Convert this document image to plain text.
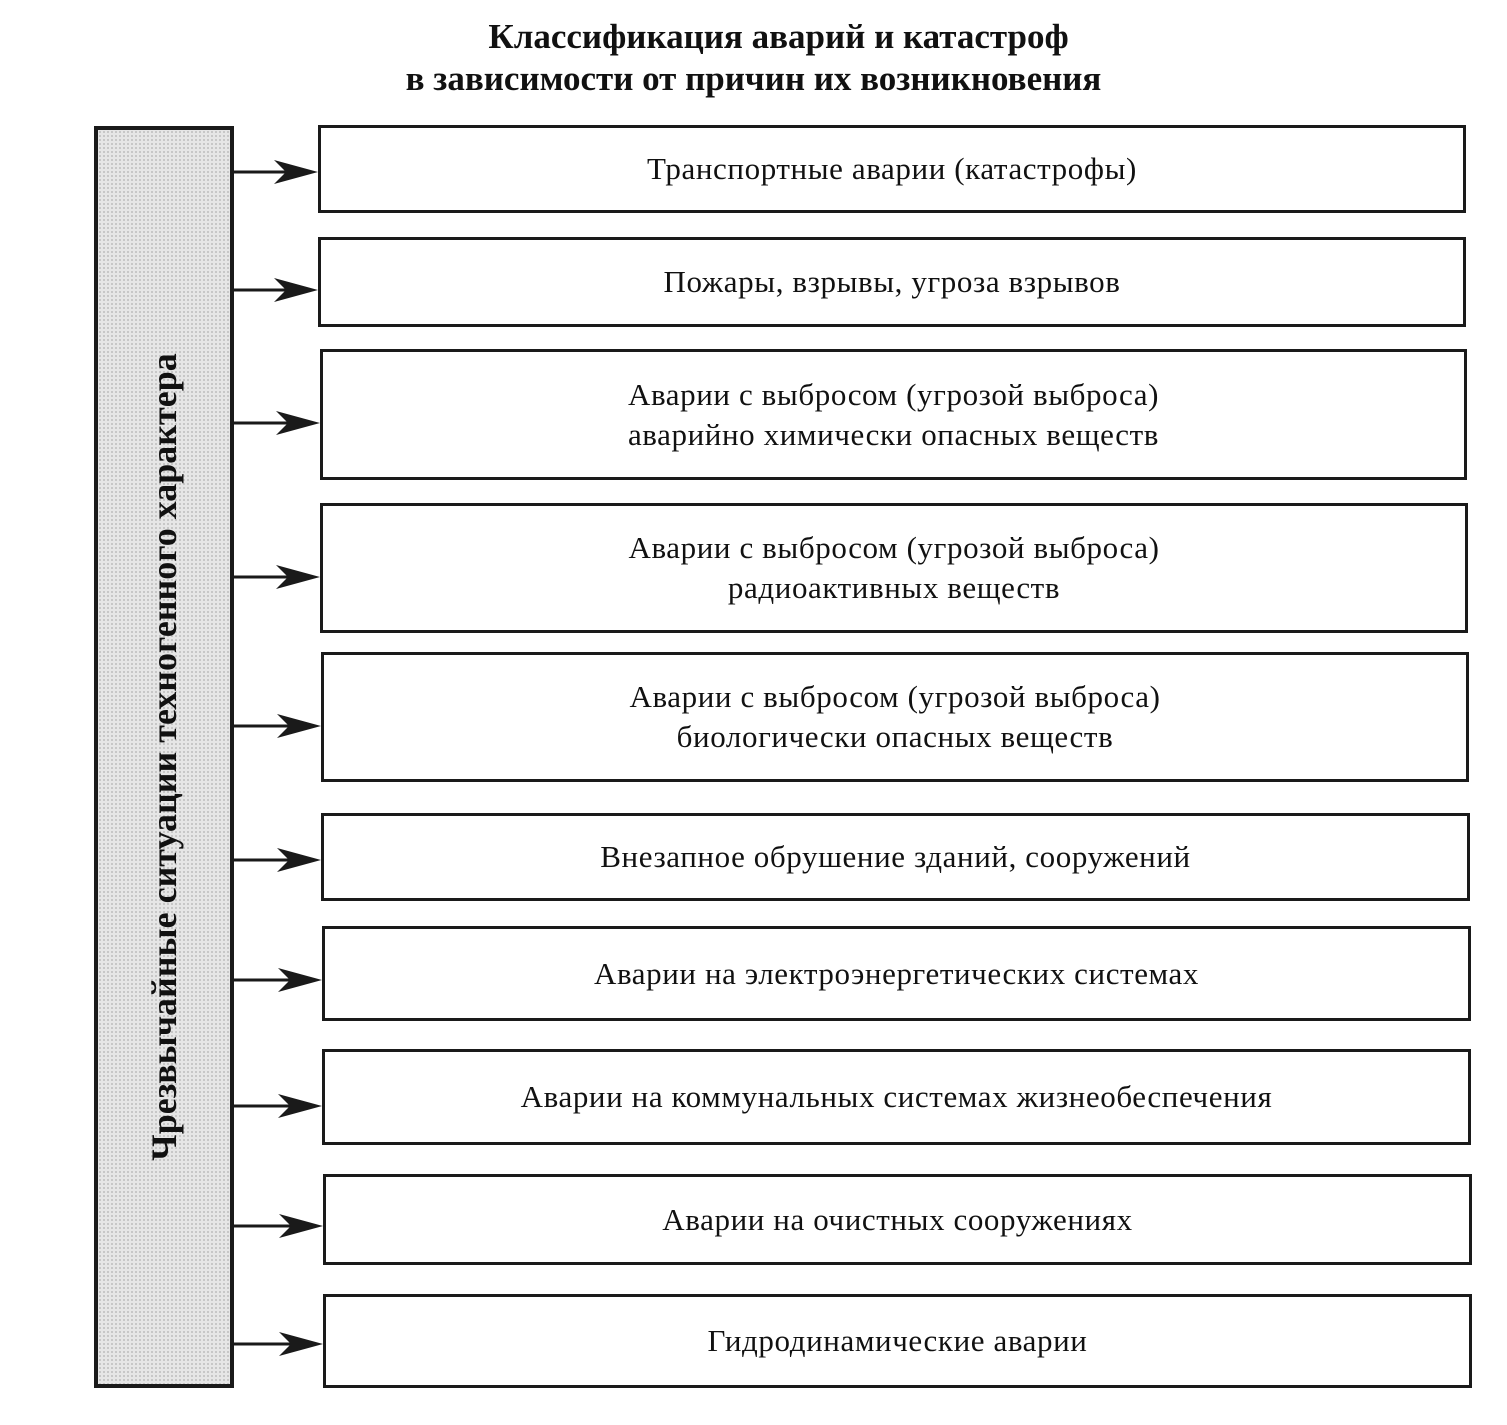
Классификация аварий и катастроф
в зависимости от причин их возникновения
Чрезвычайные ситуации техногенного характера
Транспортные аварии (катастрофы)
Пожары, взрывы, угроза взрывов
Аварии с выбросом (угрозой выброса)
аварийно химически опасных веществ
Аварии с выбросом (угрозой выброса)
радиоактивных веществ
Аварии с выбросом (угрозой выброса)
биологически опасных веществ
Внезапное обрушение зданий, сооружений
Аварии на электроэнергетических системах
Аварии на коммунальных системах жизнеобеспечения
Аварии на очистных сооружениях
Гидродинамические аварии
